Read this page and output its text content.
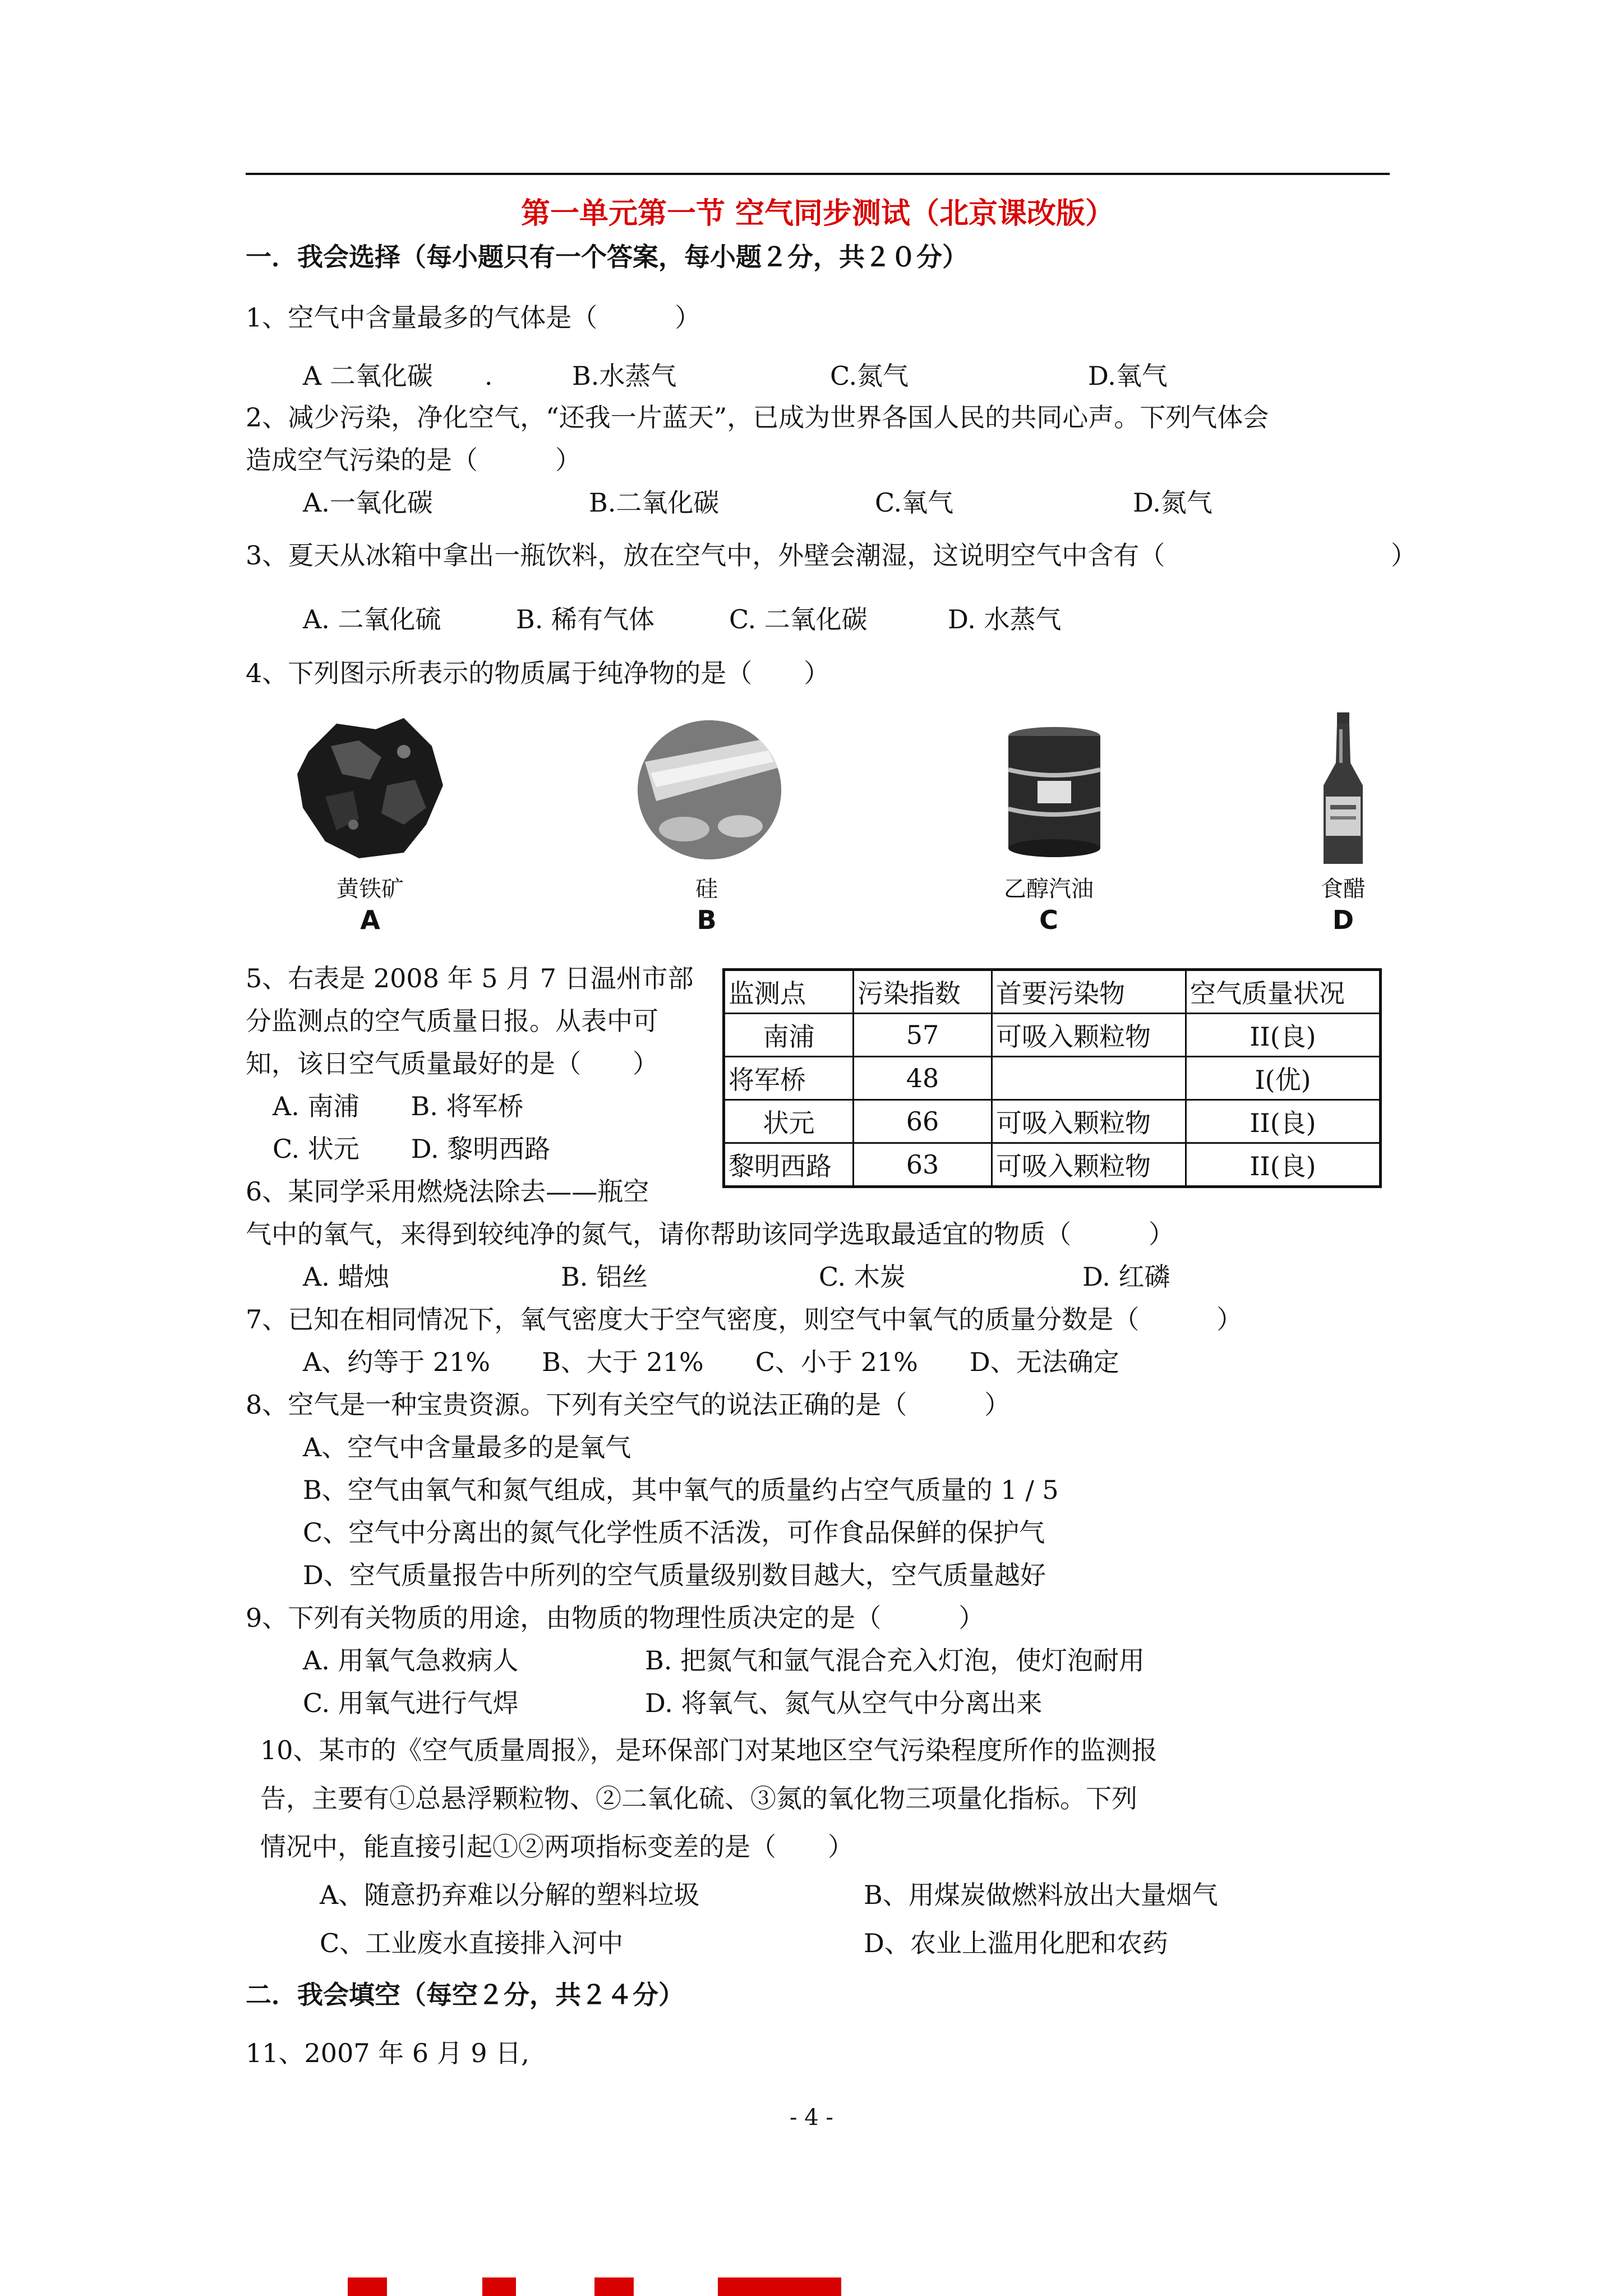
第一单元第一节 空气同步测试（北京课改版）
一．我会选择（每小题只有一个答案，每小题２分，共２０分）
1、空气中含量最多的气体是（　　　）
A 二氧化碳　　.	B.水蒸气	C.氮气	D.氧气
2、减少污染，净化空气，“还我一片蓝天”，已成为世界各国人民的共同心声。下列气体会
造成空气污染的是（　　　）
A.一氧化碳	B.二氧化碳	C.氧气	D.氮气
3、夏天从冰箱中拿出一瓶饮料，放在空气中，外壁会潮湿，这说明空气中含有（	）
A. 二氧化硫	B. 稀有气体	C. 二氧化碳	D. 水蒸气
4、下列图示所表示的物质属于纯净物的是（　　）
黄铁矿
A
硅
B
乙醇汽油
C
食醋
D
5、右表是 2008 年 5 月 7 日温州市部
分监测点的空气质量日报。从表中可
知，该日空气质量最好的是（　　）
A. 南浦　　B. 将军桥
C. 状元　　D. 黎明西路
监测点	污染指数	首要污染物	空气质量状况
南浦	57	可吸入颗粒物	II(良)
将军桥	48		I(优)
状元	66	可吸入颗粒物	II(良)
黎明西路	63	可吸入颗粒物	II(良)
6、某同学采用燃烧法除去——瓶空
气中的氧气，来得到较纯净的氮气，请你帮助该同学选取最适宜的物质（　　　）
A. 蜡烛	B. 铝丝	C. 木炭	D. 红磷
7、已知在相同情况下，氧气密度大于空气密度，则空气中氧气的质量分数是（　　　）
A、约等于 21%　　B、大于 21%　　C、小于 21%　　D、无法确定
8、空气是一种宝贵资源。下列有关空气的说法正确的是（　　　）
A、空气中含量最多的是氧气
B、空气由氧气和氮气组成，其中氧气的质量约占空气质量的 1 / 5
C、空气中分离出的氮气化学性质不活泼，可作食品保鲜的保护气
D、空气质量报告中所列的空气质量级别数目越大，空气质量越好
9、下列有关物质的用途，由物质的物理性质决定的是（　　　）
A. 用氧气急救病人	B. 把氮气和氩气混合充入灯泡，使灯泡耐用
C. 用氧气进行气焊	D. 将氧气、氮气从空气中分离出来
10、某市的《空气质量周报》，是环保部门对某地区空气污染程度所作的监测报
告，主要有①总悬浮颗粒物、②二氧化硫、③氮的氧化物三项量化指标。下列
情况中，能直接引起①②两项指标变差的是（　　）
A、随意扔弃难以分解的塑料垃圾	B、用煤炭做燃料放出大量烟气
C、工业废水直接排入河中	D、农业上滥用化肥和农药
二．我会填空（每空２分，共２４分）
11、2007 年 6 月 9 日,
- 4 -
